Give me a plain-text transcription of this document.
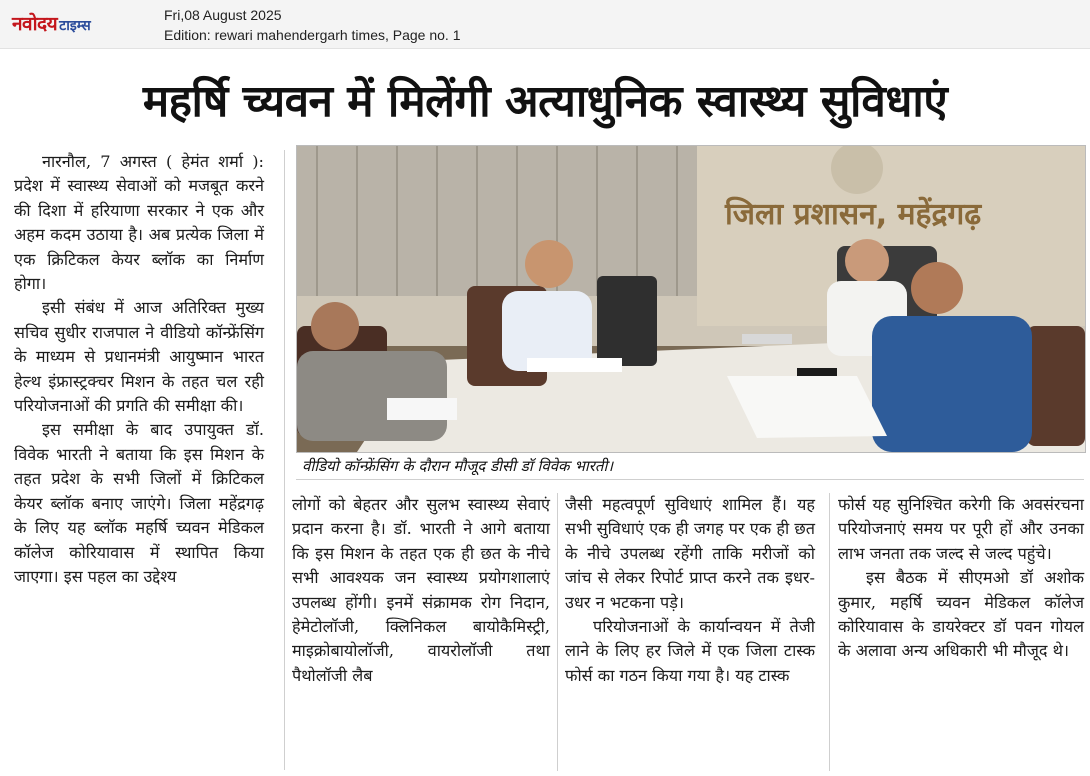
नवोदय टाइम्स
Fri,08 August 2025
Edition: rewari mahendergarh times, Page no. 1
महर्षि च्यवन में मिलेंगी अत्याधुनिक स्वास्थ्य सुविधाएं

नारनौल, 7 अगस्त ( हेमंत शर्मा ): प्रदेश में स्वास्थ्य सेवाओं को मजबूत करने की दिशा में हरियाणा सरकार ने एक और अहम कदम उठाया है। अब प्रत्येक जिला में एक क्रिटिकल केयर ब्लॉक का निर्माण होगा।

इसी संबंध में आज अतिरिक्त मुख्य सचिव सुधीर राजपाल ने वीडियो कॉन्फ्रेंसिंग के माध्यम से प्रधानमंत्री आयुष्मान भारत हेल्थ इंफ्रास्ट्रक्चर मिशन के तहत चल रही परियोजनाओं की प्रगति की समीक्षा की।

इस समीक्षा के बाद उपायुक्त डॉ. विवेक भारती ने बताया कि इस मिशन के तहत प्रदेश के सभी जिलों में क्रिटिकल केयर ब्लॉक बनाए जाएंगे। जिला महेंद्रगढ़ के लिए यह ब्लॉक महर्षि च्यवन मेडिकल कॉलेज कोरियावास में स्थापित किया जाएगा। इस पहल का उद्देश्य

जिला प्रशासन, महेंद्रगढ़
वीडियो कॉन्फ्रेंसिंग के दौरान मौजूद डीसी डॉ विवेक भारती।

लोगों को बेहतर और सुलभ स्वास्थ्य सेवाएं प्रदान करना है। डॉ. भारती ने आगे बताया कि इस मिशन के तहत एक ही छत के नीचे सभी आवश्यक जन स्वास्थ्य प्रयोगशालाएं उपलब्ध होंगी। इनमें संक्रामक रोग निदान, हेमेटोलॉजी, क्लिनिकल बायोकैमिस्ट्री, माइक्रोबायोलॉजी, वायरोलॉजी तथा पैथोलॉजी लैब

जैसी महत्वपूर्ण सुविधाएं शामिल हैं। यह सभी सुविधाएं एक ही जगह पर एक ही छत के नीचे उपलब्ध रहेंगी ताकि मरीजों को जांच से लेकर रिपोर्ट प्राप्त करने तक इधर-उधर न भटकना पड़े।

परियोजनाओं के कार्यान्वयन में तेजी लाने के लिए हर जिले में एक जिला टास्क फोर्स का गठन किया गया है। यह टास्क

फोर्स यह सुनिश्चित करेगी कि अवसंरचना परियोजनाएं समय पर पूरी हों और उनका लाभ जनता तक जल्द से जल्द पहुंचे।

इस बैठक में सीएमओ डॉ अशोक कुमार, महर्षि च्यवन मेडिकल कॉलेज कोरियावास के डायरेक्टर डॉ पवन गोयल के अलावा अन्य अधिकारी भी मौजूद थे।
